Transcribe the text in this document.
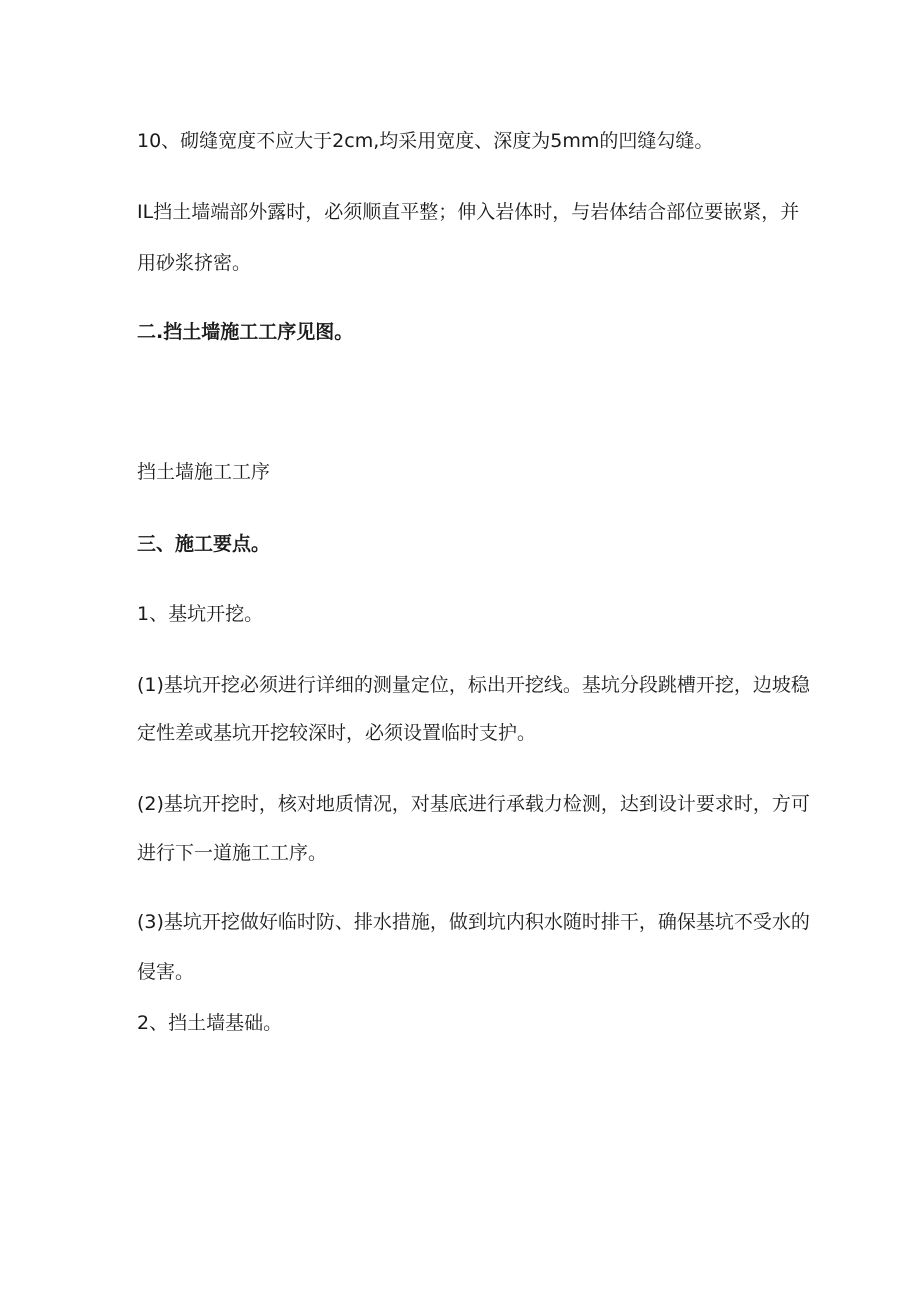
10、砌缝宽度不应大于2cm,均采用宽度、深度为5mm的凹缝勾缝。

IL挡土墙端部外露时，必须顺直平整；伸入岩体时，与岩体结合部位要嵌紧，并

用砂浆挤密。

二.挡土墙施工工序见图。

挡土墙施工工序

三、施工要点。

1、基坑开挖。

(1)基坑开挖必须进行详细的测量定位，标出开挖线。基坑分段跳槽开挖，边坡稳

定性差或基坑开挖较深时，必须设置临时支护。

(2)基坑开挖时，核对地质情况，对基底进行承载力检测，达到设计要求时，方可

进行下一道施工工序。

(3)基坑开挖做好临时防、排水措施，做到坑内积水随时排干，确保基坑不受水的

侵害。

2、挡土墙基础。
